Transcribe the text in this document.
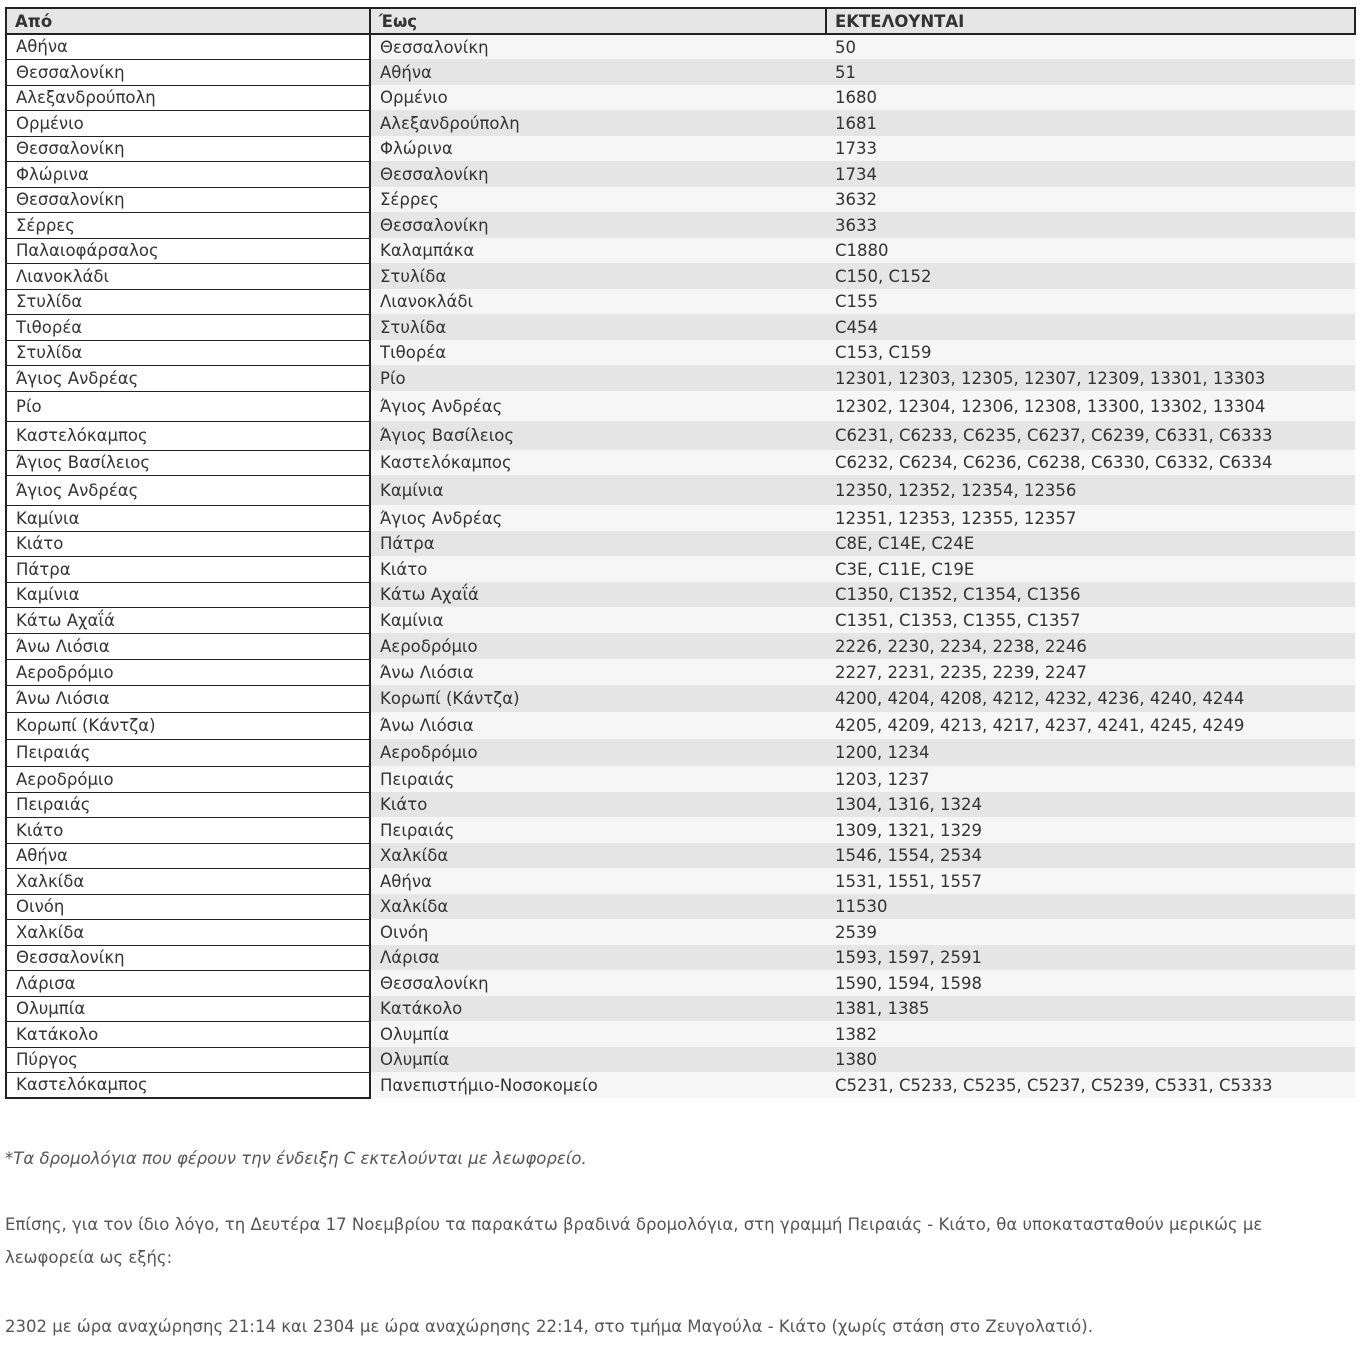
Από	Έως	ΕΚΤΕΛΟΥΝΤΑΙ
Αθήνα	Θεσσαλονίκη	50
Θεσσαλονίκη	Αθήνα	51
Αλεξανδρούπολη	Ορμένιο	1680
Ορμένιο	Αλεξανδρούπολη	1681
Θεσσαλονίκη	Φλώρινα	1733
Φλώρινα	Θεσσαλονίκη	1734
Θεσσαλονίκη	Σέρρες	3632
Σέρρες	Θεσσαλονίκη	3633
Παλαιοφάρσαλος	Καλαμπάκα	C1880
Λιανοκλάδι	Στυλίδα	C150, C152
Στυλίδα	Λιανοκλάδι	C155
Τιθορέα	Στυλίδα	C454
Στυλίδα	Τιθορέα	C153, C159
Άγιος Ανδρέας	Ρίο	12301, 12303, 12305, 12307, 12309, 13301, 13303
Ρίο	Άγιος Ανδρέας	12302, 12304, 12306, 12308, 13300, 13302, 13304
Καστελόκαμπος	Άγιος Βασίλειος	C6231, C6233, C6235, C6237, C6239, C6331, C6333
Άγιος Βασίλειος	Καστελόκαμπος	C6232, C6234, C6236, C6238, C6330, C6332, C6334
Άγιος Ανδρέας	Καμίνια	12350, 12352, 12354, 12356
Καμίνια	Άγιος Ανδρέας	12351, 12353, 12355, 12357
Κιάτο	Πάτρα	C8E, C14E, C24E
Πάτρα	Κιάτο	C3E, C11E, C19E
Καμίνια	Κάτω Αχαΐά	C1350, C1352, C1354, C1356
Κάτω Αχαΐά	Καμίνια	C1351, C1353, C1355, C1357
Άνω Λιόσια	Αεροδρόμιο	2226, 2230, 2234, 2238, 2246
Αεροδρόμιο	Άνω Λιόσια	2227, 2231, 2235, 2239, 2247
Άνω Λιόσια	Κορωπί (Κάντζα)	4200, 4204, 4208, 4212, 4232, 4236, 4240, 4244
Κορωπί (Κάντζα)	Άνω Λιόσια	4205, 4209, 4213, 4217, 4237, 4241, 4245, 4249
Πειραιάς	Αεροδρόμιο	1200, 1234
Αεροδρόμιο	Πειραιάς	1203, 1237
Πειραιάς	Κιάτο	1304, 1316, 1324
Κιάτο	Πειραιάς	1309, 1321, 1329
Αθήνα	Χαλκίδα	1546, 1554, 2534
Χαλκίδα	Αθήνα	1531, 1551, 1557
Οινόη	Χαλκίδα	11530
Χαλκίδα	Οινόη	2539
Θεσσαλονίκη	Λάρισα	1593, 1597, 2591
Λάρισα	Θεσσαλονίκη	1590, 1594, 1598
Ολυμπία	Κατάκολο	1381, 1385
Κατάκολο	Ολυμπία	1382
Πύργος	Ολυμπία	1380
Καστελόκαμπος	Πανεπιστήμιο-Νοσοκομείο	C5231, C5233, C5235, C5237, C5239, C5331, C5333
*Τα δρομολόγια που φέρουν την ένδειξη C εκτελούνται με λεωφορείο.
Επίσης, για τον ίδιο λόγο, τη Δευτέρα 17 Νοεμβρίου τα παρακάτω βραδινά δρομολόγια, στη γραμμή Πειραιάς - Κιάτο, θα υποκατασταθούν μερικώς με λεωφορεία ως εξής:
2302 με ώρα αναχώρησης 21:14 και 2304 με ώρα αναχώρησης 22:14, στο τμήμα Μαγούλα - Κιάτο (χωρίς στάση στο Ζευγολατιό).
